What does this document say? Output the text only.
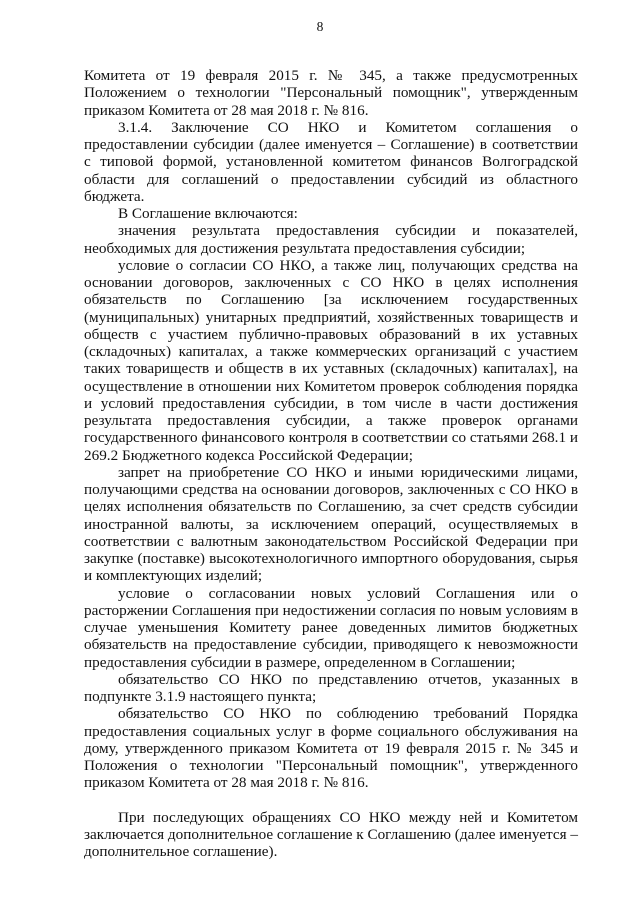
8

Комитета от 19 февраля 2015 г. № 345, а также предусмотренных Положением о технологии "Персональный помощник", утвержденным приказом Комитета от 28 мая 2018 г. № 816.

3.1.4. Заключение СО НКО и Комитетом соглашения о предоставлении субсидии (далее именуется – Соглашение) в соответствии с типовой формой, установленной комитетом финансов Волгоградской области для соглашений о предоставлении субсидий из областного бюджета.

В Соглашение включаются:

значения результата предоставления субсидии и показателей, необходимых для достижения результата предоставления субсидии;

условие о согласии СО НКО, а также лиц, получающих средства на основании договоров, заключенных с СО НКО в целях исполнения обязательств по Соглашению [за исключением государственных (муниципальных) унитарных предприятий, хозяйственных товариществ и обществ с участием публично-правовых образований в их уставных (складочных) капиталах, а также коммерческих организаций с участием таких товариществ и обществ в их уставных (складочных) капиталах], на осуществление в отношении них Комитетом проверок соблюдения порядка и условий предоставления субсидии, в том числе в части достижения результата предоставления субсидии, а также проверок органами государственного финансового контроля в соответствии со статьями 268.1 и 269.2 Бюджетного кодекса Российской Федерации;

запрет на приобретение СО НКО и иными юридическими лицами, получающими средства на основании договоров, заключенных с СО НКО в целях исполнения обязательств по Соглашению, за счет средств субсидии иностранной валюты, за исключением операций, осуществляемых в соответствии с валютным законодательством Российской Федерации при закупке (поставке) высокотехнологичного импортного оборудования, сырья и комплектующих изделий;

условие о согласовании новых условий Соглашения или о расторжении Соглашения при недостижении согласия по новым условиям в случае уменьшения Комитету ранее доведенных лимитов бюджетных обязательств на предоставление субсидии, приводящего к невозможности предоставления субсидии в размере, определенном в Соглашении;

обязательство СО НКО по представлению отчетов, указанных в подпункте 3.1.9 настоящего пункта;

обязательство СО НКО по соблюдению требований Порядка предоставления социальных услуг в форме социального обслуживания на дому, утвержденного приказом Комитета от 19 февраля 2015 г. № 345 и Положения о технологии "Персональный помощник", утвержденного приказом Комитета от 28 мая 2018 г. № 816.

При последующих обращениях СО НКО между ней и Комитетом заключается дополнительное соглашение к Соглашению (далее именуется – дополнительное соглашение).
